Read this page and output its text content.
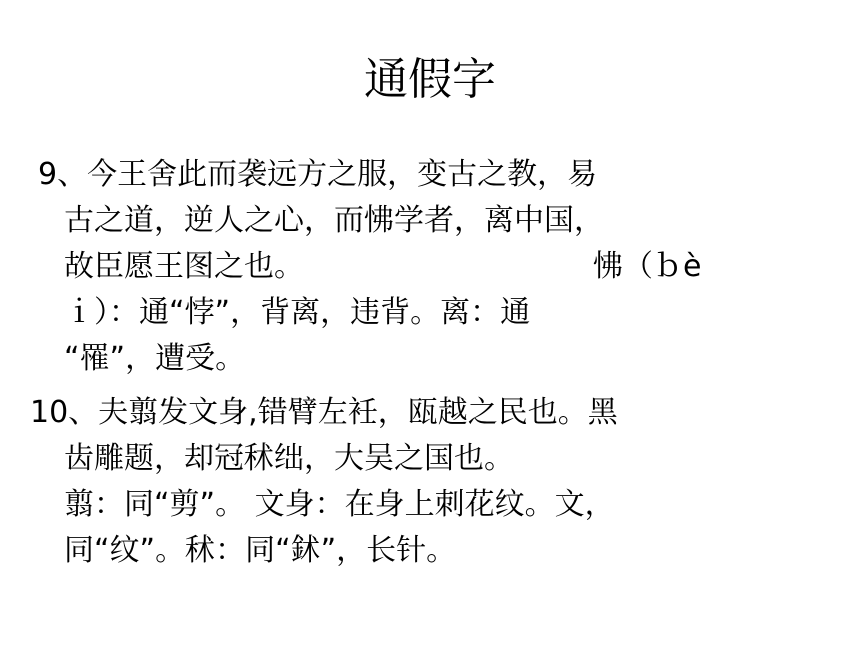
通假字
9、今王舍此而袭远方之服，变古之教，易
古之道，逆人之心，而怫学者，离中国，
故臣愿王图之也。	怫（ｂè
ｉ）：通“悖”，背离，违背。离：通
“罹”，遭受。
10、夫翦发文身,错臂左衽，瓯越之民也。黑
齿雕题，却冠秫绌，大吴之国也。
翦：同“剪”。 文身：在身上刺花纹。文，
同“纹”。秫：同“鉥”，长针。
